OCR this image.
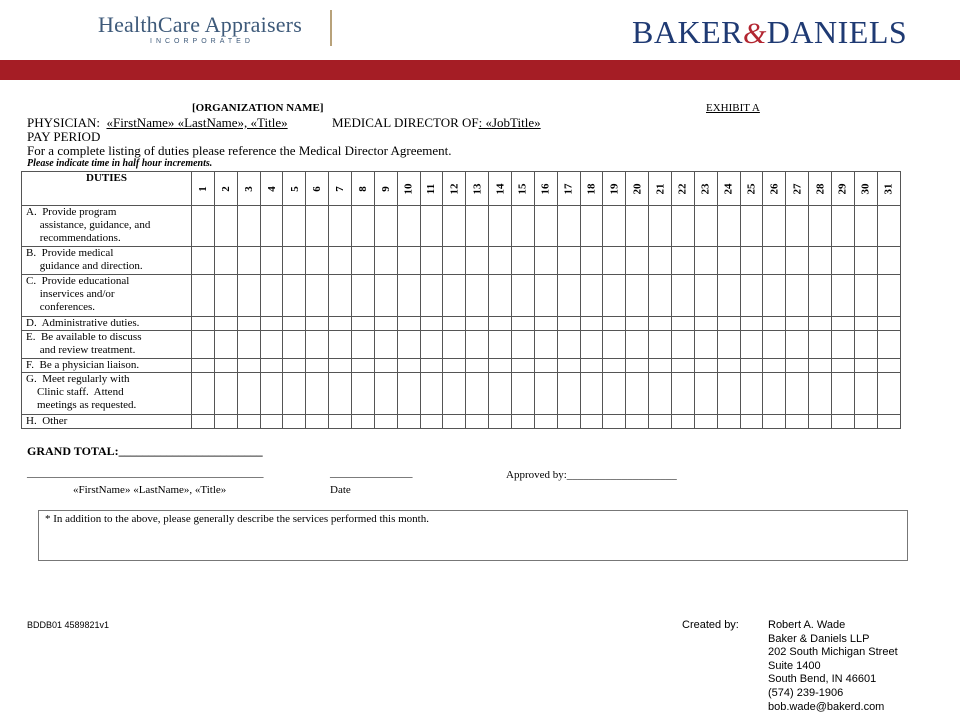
HealthCare Appraisers
INCORPORATED	BAKER&DANIELS
[ORGANIZATION NAME]	EXHIBIT A
PHYSICIAN: «FirstName» «LastName», «Title»	MEDICAL DIRECTOR OF: «JobTitle»
PAY PERIOD
For a complete listing of duties please reference the Medical Director Agreement.
Please indicate time in half hour increments.
DUTIES	1	2	3	4	5	6	7	8	9	10	11	12	13	14	15	16	17	18	19	20	21	22	23	24	25	26	27	28	29	30	31

A.  Provide program
assistance, guidance, and
recommendations.																															

B.  Provide medical
guidance and direction.																															

C.  Provide educational
inservices and/or
conferences.																															

D.  Administrative duties.																															

E.  Be available to discuss
and review treatment.																															

F.  Be a physician liaison.																															

G.  Meet regularly with
Clinic staff.  Attend
meetings as requested.																															

H.  Other																															

GRAND TOTAL:________________________
___________________________________________
«FirstName» «LastName», «Title»
_______________
Date
Approved by:____________________
* In addition to the above, please generally describe the services performed this month.
BDDB01 4589821v1	Created by:	Robert A. Wade
Baker & Daniels LLP
202 South Michigan Street
Suite 1400
South Bend, IN 46601
(574) 239-1906
bob.wade@bakerd.com
